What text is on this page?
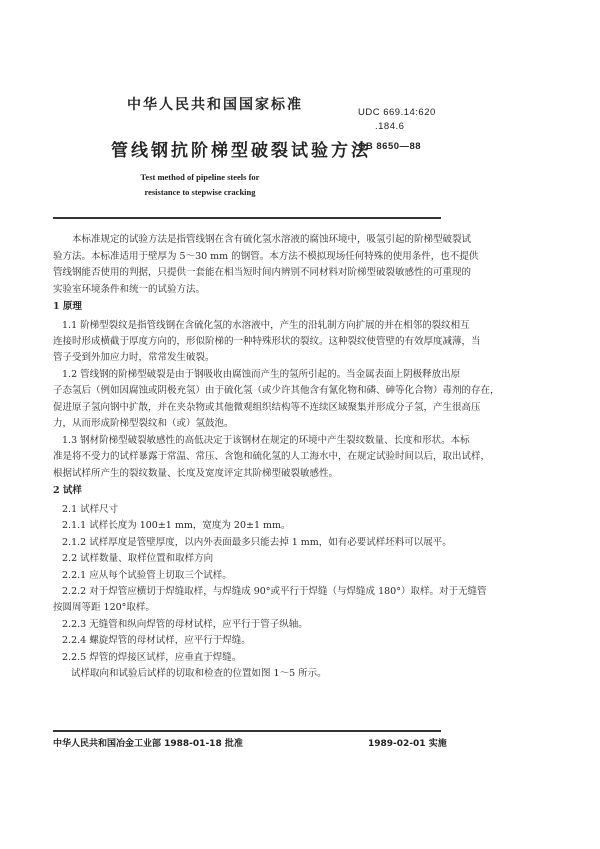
中华人民共和国国家标准	UDC 669.14:620
.184.6
管线钢抗阶梯型破裂试验方法
GB 8650—88
Test method of pipeline steels for
resistance to stepwise cracking
本标准规定的试验方法是指管线钢在含有硫化氢水溶液的腐蚀环境中，吸氢引起的阶梯型破裂试
验方法。本标准适用于壁厚为 5～30 mm 的钢管。本方法不模拟现场任何特殊的使用条件，也不提供
管线钢能否使用的判据，只提供一套能在相当短时间内辨别不同材料对阶梯型破裂敏感性的可重现的
实验室环境条件和统一的试验方法。
1 原理
1.1 阶梯型裂纹是指管线钢在含硫化氢的水溶液中，产生的沿轧制方向扩展的并在相邻的裂纹相互
连接时形成横截于厚度方向的，形似阶梯的一种特殊形状的裂纹。这种裂纹使管壁的有效厚度减薄，当
管子受到外加应力时，常常发生破裂。
1.2 管线钢的阶梯型破裂是由于钢吸收由腐蚀而产生的氢所引起的。当金属表面上阴极释放出原
子态氢后（例如因腐蚀或阴极充氢）由于硫化氢（或少许其他含有氰化物和磷、砷等化合物）毒剂的存在，
促进原子氢向钢中扩散，并在夹杂物或其他微观组织结构等不连续区域聚集并形成分子氢，产生很高压
力，从而形成阶梯型裂纹和（或）氢鼓泡。
1.3 钢材阶梯型破裂敏感性的高低决定于该钢材在规定的环境中产生裂纹数量、长度和形状。本标
准是将不受力的试样暴露于常温、常压、含饱和硫化氢的人工海水中，在规定试验时间以后，取出试样，
根据试样所产生的裂纹数量、长度及宽度评定其阶梯型破裂敏感性。
2 试样
2.1 试样尺寸
2.1.1 试样长度为 100±1 mm，宽度为 20±1 mm。
2.1.2 试样厚度是管壁厚度，以内外表面最多只能去掉 1 mm，如有必要试样坯料可以展平。
2.2 试样数量、取样位置和取样方向
2.2.1 应从每个试验管上切取三个试样。
2.2.2 对于焊管应横切于焊缝取样，与焊缝成 90°或平行于焊缝（与焊缝成 180°）取样。对于无缝管
按圆周等距 120°取样。
2.2.3 无缝管和纵向焊管的母材试样，应平行于管子纵轴。
2.2.4 螺旋焊管的母材试样，应平行于焊缝。
2.2.5 焊管的焊接区试样，应垂直于焊缝。
试样取向和试验后试样的切取和检查的位置如图 1～5 所示。
中华人民共和国冶金工业部 1988-01-18 批准	1989-02-01 实施
